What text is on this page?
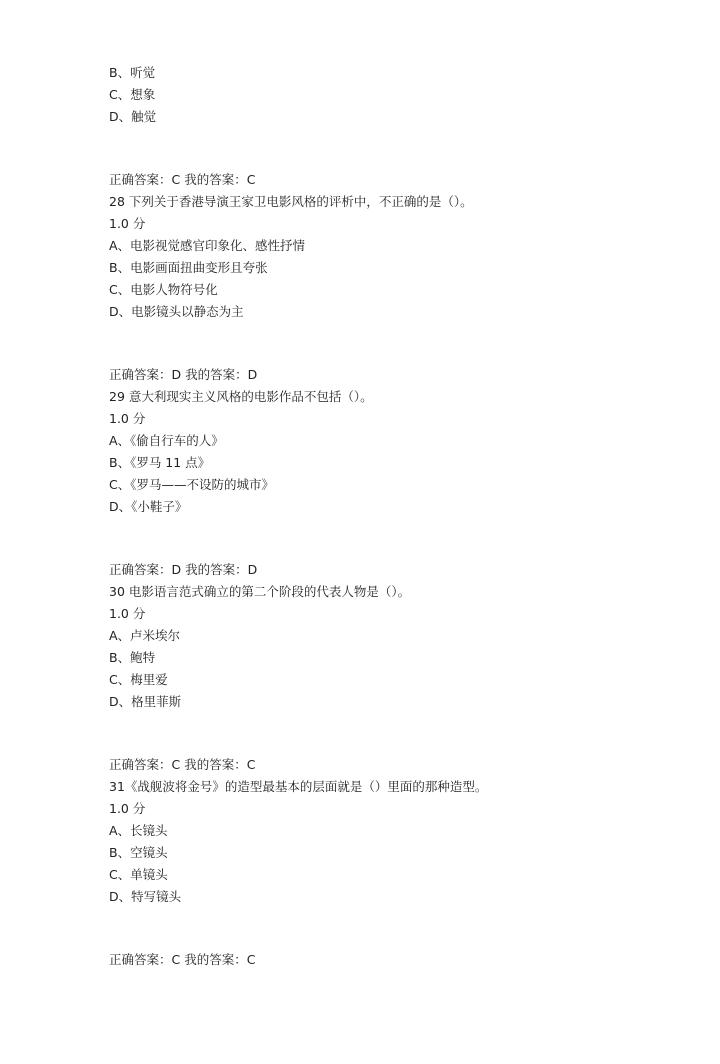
B、听觉
C、想象
D、触觉
正确答案：C 我的答案：C
28 下列关于香港导演王家卫电影风格的评析中，不正确的是（）。
1.0 分
A、电影视觉感官印象化、感性抒情
B、电影画面扭曲变形且夸张
C、电影人物符号化
D、电影镜头以静态为主
正确答案：D 我的答案：D
29 意大利现实主义风格的电影作品不包括（）。
1.0 分
A、《偷自行车的人》
B、《罗马 11 点》
C、《罗马——不设防的城市》
D、《小鞋子》
正确答案：D 我的答案：D
30 电影语言范式确立的第二个阶段的代表人物是（）。
1.0 分
A、卢米埃尔
B、鲍特
C、梅里爱
D、格里菲斯
正确答案：C 我的答案：C
31《战舰波将金号》的造型最基本的层面就是（）里面的那种造型。
1.0 分
A、长镜头
B、空镜头
C、单镜头
D、特写镜头
正确答案：C 我的答案：C
